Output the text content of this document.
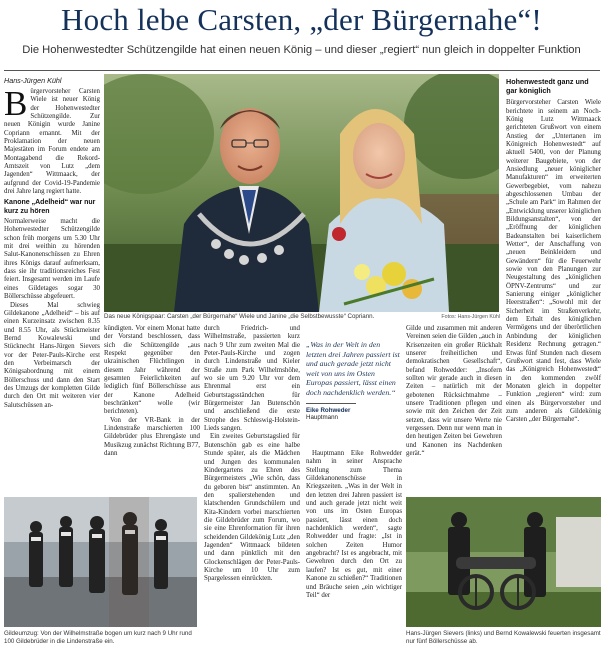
Hoch lebe Carsten, „der Bürgernahe“!
Die Hohenwestedter Schützengilde hat einen neuen König – und dieser „regiert“ nun gleich in doppelter Funktion
Hans-Jürgen Kühl
Das neue Königspaar: Carsten „der Bürgernahe“ Wiele und Janine „die Selbstbewusste“ Copriann.	Fotos: Hans-Jürgen Kühl

Bürgervorsteher Carsten Wiele ist neuer König der Hohenwestedter Schützengilde. Zur neuen Königin wurde Janine Copriann ernannt. Mit der Proklamation der neuen Majestäten im Forum endete am Montagabend die Rekord-Amtszeit von Lutz „dem Jagenden“ Wittmaack, der aufgrund der Covid-19-Pandemie drei Jahre lang regiert hatte.

Kanone „Adelheid“ war nur kurz zu hören

Normalerweise macht die Hohenwestedter Schützengilde schon früh morgens um 5.30 Uhr mit drei weithin zu hörenden Salut-Kanonenschüssen zu Ehren ihres Königs darauf aufmerksam, dass sie ihr traditionsreiches Fest feiert. Insgesamt werden im Laufe eines Gildetages sogar 30 Böllerschüsse abgefeuert.

Dieses Mal schwieg Gildekanone „Adelheid“ – bis auf einen Kurzeinsatz zwischen 8.35 und 8.55 Uhr, als Stückmeister Bernd Kowalewski und Stücknecht Hans-Jürgen Sievers vor der Peter-Pauls-Kirche erst den Verbeimarsch der Königsabordnung mit einem Böllerschuss und dann den Start des Umzugs der kompletten Gilde durch den Ort mit weiteren vier Salutschüssen an-

kündigten. Vor einem Monat hatte der Vorstand beschlossen, dass sich die Schützengilde „aus Respekt gegenüber den ukrainischen Flüchtlingen in diesem Jahr während der gesamten Feierlichkeiten auf lediglich fünf Böllerschüsse aus der Kanone Adelheid beschränken“ wolle (wir berichteten).

Von der VR-Bank in der Lindenstraße marschierten 100 Gildebrüder plus Ehrengäste und Musikzug zunächst Richtung B77, dann

durch Friedrich- und Wilhelmstraße, passierten kurz nach 9 Uhr zum zweiten Mal die Peter-Pauls-Kirche und zogen durch Lindenstraße und Kieler Straße zum Park Wilhelmshöhe, wo sie um 9.20 Uhr vor dem Ehrenmal erst ein Geburtstagsständchen für Bürgermeister Jan Butenschön und anschließend die erste Strophe des Schleswig-Holstein-Lieds sangen.

Ein zweites Geburtstagslied für Butenschön gab es eine halbe Stunde später, als die Mädchen und Jungen des kommunalen Kindergartens zu Ehren des Bürgermeisters „Wie schön, dass du geboren bist“ anstimmten. An den spalierstehenden und klatschenden Grundschülern und Kita-Kindern vorbei marschierten die Gildebrüder zum Forum, wo sie eine Ehrenformation für ihren scheidenden Gildekönig Lutz „den Jagenden“ Wittmaack bildeten und dann pünktlich mit den Glockenschlägen der Peter-Pauls-Kirche um 10 Uhr zum Spargelessen einrückten.

„Was in der Welt in den letzten drei Jahren passiert ist und auch gerade jetzt nicht weit von uns im Osten Europas passiert, lässt einen doch nachdenklich werden.“
Eike Rohweder
Hauptmann

Hauptmann Eike Rohwedder nahm in seiner Ansprache Stellung zum Thema Gildekanonenschüsse in Kriegszeiten. „Was in der Welt in den letzten drei Jahren passiert ist und auch gerade jetzt nicht weit von uns im Osten Europas passiert, lässt einen doch nachdenklich werden“, sagte Rohwedder und fragte: „Ist in solchen Zeiten Humor angebracht? Ist es angebracht, mit Gewehren durch den Ort zu laufen? Ist es gut, mit einer Kanone zu schießen?“ Traditionen und Bräuche seien „ein wichtiger Teil“ der

Gilde und zusammen mit anderen Vereinen seien die Gilden „auch in Krisenzeiten ein großer Rückhalt unserer freiheitlichen und demokratischen Gesellschaft“, befand Rohwedder: „Insofern sollten wir gerade auch in diesen Zeiten – natürlich mit der gebotenen Rücksichtnahme – unsere Traditionen pflegen und sowie mit den Zeichen der Zeit setzen, dass wir unsere Werte nie vergessen. Denn nur wenn man in den heutigen Zeiten bei Gewehren und Kanonen ins Nachdenken gerät.“

Hohenwestedt ganz und gar königlich

Bürgervorsteher Carsten Wiele berichtete in seinem an Noch-König Lutz Wittmaack gerichteten Grußwort von einem Anstieg der „Untertanen im Königreich Hohenwestedt“ auf aktuell 5400, von der Planung weiterer Baugebiete, von der Ansiedlung „neuer königlicher Manufakturen“ im erweiterten Gewerbegebiet, vom nahezu abgeschlossenen Umbau der „Schule am Park“ im Rahmen der „Entwicklung unserer königlichen Bildungsanstalten“, von der „Eröffnung der königlichen Badeanstalten bei kaiserlichem Wetter“, der Anschaffung von „neuen Beinkleidern und Gewändern“ für die Feuerwehr sowie von den Planungen zur Neugestaltung des „königlichen ÖPNV-Zentrums“ und zur Sanierung einiger „königlicher Heerstraßen“: „Sowohl mit der Sicherheit im Straßenverkehr, dem Erhalt des königlichen Vermögens und der überörtlichen Anbindung der königlichen Residenz Rechnung getragen.“ Etwas fünf Stunden nach diesem Grußwort stand fest, dass Wiele das „Königreich Hohenwestedt“ in den kommenden zwölf Monaten gleich in doppelter Funktion „regieren“ wird: zum einen als Bürgervorsteher und zum anderen als Gildekönig Carsten „der Bürgernahe“.

Gildeumzug: Von der Wilhelmstraße bogen um kurz nach 9 Uhr rund 100 Gildebrüder in die Lindenstraße ein.
Hans-Jürgen Sievers (links) und Bernd Kowalewski feuerten insgesamt nur fünf Böllerschüsse ab.
